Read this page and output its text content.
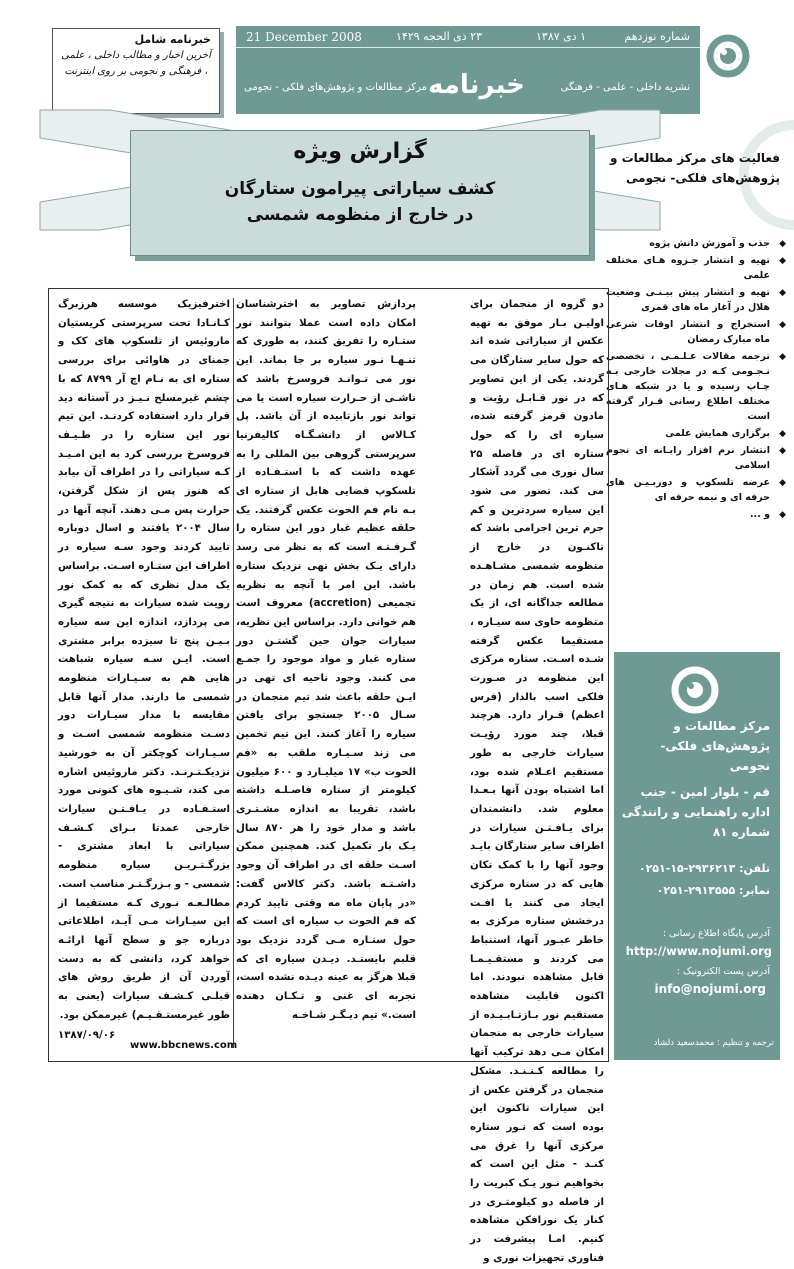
21 December 2008	۲۳ ذی الحجه ۱۴۲۹	۱ دی ۱۳۸۷	شماره نوزدهم
خبرنامه
مرکز مطالعات و پژوهش‌های فلکی - نجومی	نشریه داخلی - علمی - فرهنگی
خبرنامه شامل
آخرین اخبار و مطالب داخلی ، علمی ، فرهنگی و نجومی بر روی اینترنت
گزارش ویژه
کشف سیاراتی پیرامون ستارگان
در خارج از منظومه شمسی
فعالیت های مرکز مطالعات و
پژوهش‌های فلکی- نجومی
◆
جذب و آموزش دانش پژوه
◆
تهیه و انتشار جـزوه هـای مختلف علمی
◆
تهیه و انتشار پیش بیـنـی وضعیت هلال در آغاز ماه های قمری
◆
استخراج و انتشار اوقات شرعی ماه مبارک رمضان
◆
ترجمه مقالات عـلـمـی ، تخصصی نـجـومی کـه در مجلات خارجی بـه چـاپ رسیده و یا در شبکه هـای مختلف اطلاع رسانی قـرار گرفته است
◆
برگزاری همایش علمی
◆
انتشار نرم افزار رایـانه ای نجوم اسلامی
◆
عرضه تلسکوپ و دوربـیـن های حرفه ای و نیمه حرفه ای
◆
و ...
دو گروه از منجمان برای اولیـن بـار موفق به تهیه عکس از سیاراتی شده اند که حول سایر ستارگان می گردند. یکی از این تصاویر که در نور قـابـل رؤیت و مادون قرمز گرفته شده، سیاره ای را که حول ستاره ای در فاصله ۲۵ سال نوری می گردد آشکار می کند. تصور می شود این سیاره سردترین و کم جرم ترین اجرامی باشد که تاکنـون در خارج از منظومه شمسی مشـاهـده شده است. هم زمان در مطالعه جداگانه ای، از یک منظومه حاوی سه سیـاره ، مستقیما عکس گرفته شـده اسـت. ستاره مرکزی این منظومه در صـورت فلکی اسب بالدار (فرس اعظم) قـرار دارد. هرچند قبلا، چند مورد رؤیـت سیارات خارجی به طور مستقیم اعـلام شده بود، اما اشتباه بودن آنها بـعـدا معلوم شد. دانشمندان برای یـافـتـن سیارات در اطراف سایر ستارگان بایـد وجود آنها را با کمک تکان هایی که در ستاره مرکزی ایجاد می کنند یا افـت درخشش ستاره مرکزی به خاطر عبـور آنها، استنباط می کردند و مستقـیـمـا قابل مشاهده نبودند. اما اکنون قابلیت مشاهده مستقیم نور بـازتـابـیـده از سیارات خارجی به منجمان امکان مـی دهد ترکیب آنها را مطالعه کـنـنـد. مشکل منجمان در گرفتن عکس از این سیارات تاکنون این بوده است که نـور ستاره مرکزی آنها را غرق می کنـد - مثل این است که بخواهیم نـور یـک کبریت را از فاصله دو کیلومتـری در کنار یک نورافکن مشاهده کنیم. امـا پیشرفت در فناوری تجهیزات نوری و
پردازش تصاویر به اخترشناسان امکان داده است عملا بتوانند نور ستـاره را تفریق کنند، به طوری که تنـهـا نـور سیاره بر جا بماند. این نور می تـوانـد فروسرخ باشد که ناشـی از حـرارت سیاره است یا می تواند نور بازتابیده از آن باشد. پل کـالاس از دانشـگـاه کالیفرنیا سرپرستی گروهی بین المللی را به عهده داشت که با استـفـاده از تلسکوپ فضایی هابل از ستاره ای بـه نام فم الحوت عکس گرفتند. یک حلقه عظیم غبار دور این ستاره را گـرفـتـه است که به نظر می رسد دارای یـک بخش تهی نزدیک ستاره باشد. این امر با آنچه به نظریه تجمیعی (accretion) معروف است هم خوانی دارد. براساس این نظریه، سیارات جوان حین گشتـن دور ستاره غبار و مواد موجود را جمـع می کنند. وجود ناحیه ای تهی در ایـن حلقه باعث شد تیم منجمان در سـال ۲۰۰۵ جستجو برای یافتن سیاره را آغاز کنند. این تیم تخمین می زند سـیـاره ملقب به «فم الحوت ب» ۱۷ میلیـارد و ۶۰۰ میلیون کیلومتر از ستاره فاصـلـه داشته باشد، تقریبا به اندازه مشـتـری باشد و مدار خود را هر ۸۷۰ سال یـک بار تکمیل کند. همچنین ممکن اسـت حلقه ای در اطراف آن وجود داشـتـه باشد. دکتر کالاس گفت: «در پایان ماه مه وقتی تایید کردم که فم الحوت ب سیاره ای است که حول ستـاره مـی گردد نزدیک بود قلبم بایستـد. دیـدن سیاره ای که قبلا هرگز به عینه دیـده نشده است، تجربه ای غنی و تـکـان دهنده است.» تیم دیـگـر شـاخـه
اخترفیزیک موسسه هرزبرگ کـانـادا تحت سرپرستی کریستیان ماروئیس از تلسکوپ های کک و جمنای در هاوائی برای بررسی ستاره ای به نـام اچ آر ۸۷۹۹ که با چشم غیرمسلح نـیـز در آستانه دید قرار دارد استفاده کردنـد. این تیم نور این ستاره را در طـیـف فروسرخ بررسی کرد به این امـیـد کـه سیاراتی را در اطراف آن بیابد که هنوز پس از شکل گرفتن، حرارت پس مـی دهند. آنچه آنها در سال ۲۰۰۴ یافتند و اسال دوباره تایید کردند وجود سـه سیاره در اطراف این ستـاره اسـت. براساس یک مدل نظری که به کمک نور رویت شده سیارات به نتیجه گیری می پردازد، اندازه این سه سیاره بـیـن پنج تا سیزده برابر مشتری است. ایـن سـه سیاره شباهت هایی هم به سـیـارات منظومه شمسی ما دارند. مدار آنها قابل مقایسه با مدار سیـارات دور دسـت منظومه شمسی اسـت و سـیـارات کوچکتر آن به خورشید نزدیکـتـرنـد. دکتر ماروئیس اشاره می کند، شـیـوه های کنونی مورد استـفـاده در یـافـتـن سیارات خارجی عمدتا بـرای کـشـف سیاراتی با ابعاد مشتری - بزرگـتـریـن سیاره منظومه شمسی - و بـزرگـتـر مناسب است. مطالـعـه نـوری کـه مستقیما از این سیـارات مـی آیـد، اطلاعاتی درباره جو و سطح آنها ارائـه خواهد کرد، دانشی که به دست آوردن آن از طریق روش های قبلـی کـشـف سیارات (یعنی به طور غیرمستـقـیـم) غیرممکن بود.
۱۳۸۷/۰۹/۰۶
www.bbcnews.com
مرکز مطالعات و
پژوهش‌های فلکی- نجومی
قم - بلوار امین - جنب
اداره راهنمایی و رانندگی
شماره ۸۱
تلفن: ۲۹۳۶۲۱۳-۱۵-۰۲۵۱
نمابر: ۲۹۱۳۵۵۵-۰۲۵۱
آدرس پایگاه اطلاع رسانی :
http://www.nojumi.org
آدرس پست الکترونیک :
info@nojumi.org
ترجمه و تنظیم : محمدسعید دلشاد
